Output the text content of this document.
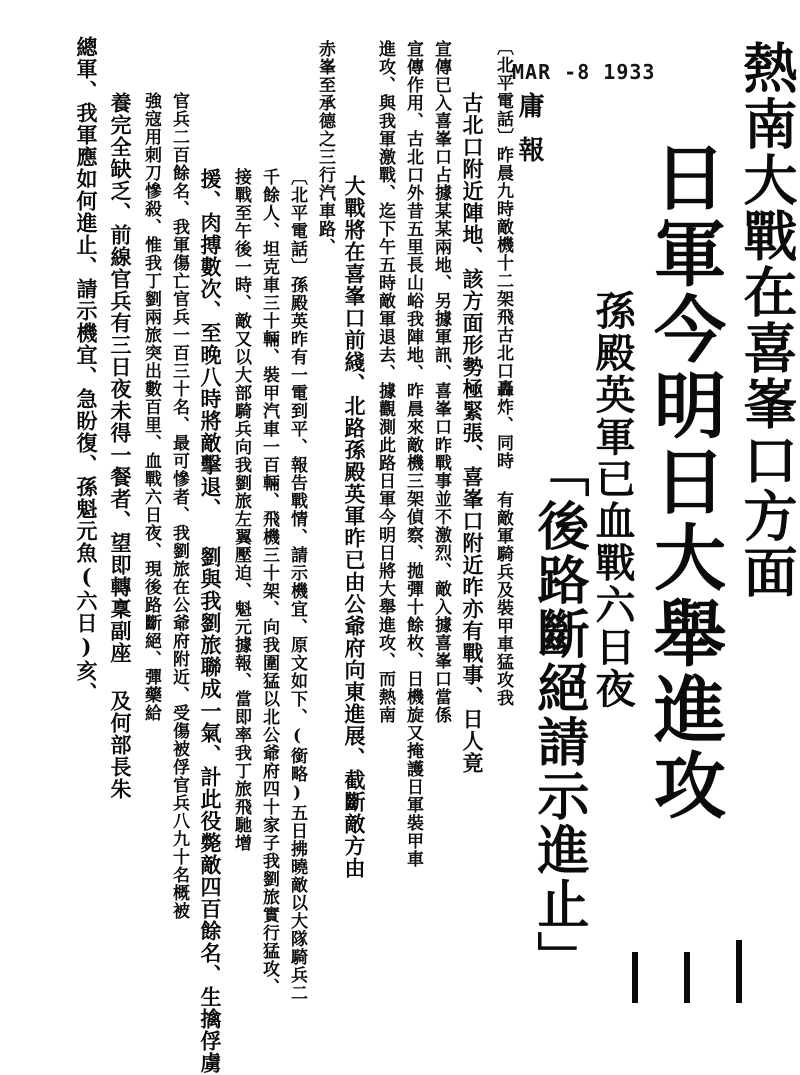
熱南大戰在喜峯口方面
日軍今明日大舉進攻
孫殿英軍已血戰六日夜
「後路斷絕請示進止」
MAR -8 1933
庸報
〔北平電話〕昨晨九時敵機十二架飛古北口轟炸、同時 有敵軍騎兵及裝甲車猛攻我
古北口附近陣地、該方面形勢極緊張、喜峯口附近昨亦有戰事、日人竟
宣傳已入喜峯口占據某某兩地、另據軍訊、喜峯口昨戰事並不激烈、敵入據喜峯口當係
宣傳作用、古北口外昔五里長山峪我陣地、昨晨來敵機三架偵察、拋彈十餘枚、日機旋又掩護日軍裝甲車
進攻、與我軍激戰、迄下午五時敵軍退去、據觀測此路日軍今明日將大舉進攻、而熱南
大戰將在喜峯口前綫、北路孫殿英軍昨已由公爺府向東進展、截斷敵方由
赤峯至承德之三行汽車路、
〔北平電話〕孫殿英昨有一電到平、報告戰情、請示機宜、原文如下、(銜略)五日拂曉敵以大隊騎兵二
千餘人、坦克車三十輛、裝甲汽車一百輛、飛機三十架、向我圍猛以北公爺府四十家子我劉旅實行猛攻、
接戰至午後一時、敵又以大部騎兵向我劉旅左翼壓迫、魁元據報、當即率我丁旅飛馳增
援、肉搏數次、至晚八時將敵擊退、 劉與我劉旅聯成一氣、計此役斃敵四百餘名、生擒俘虜
官兵二百餘名、我軍傷亡官兵一百三十名、最可慘者、我劉旅在公爺府附近、受傷被俘官兵八九十名概被
強寇用刺刀慘殺、惟我丁劉兩旅突出數百里、血戰六日夜、現後路斷絕、彈藥給
養完全缺乏、前線官兵有三日夜未得一餐者、望即轉稟副座 及何部長朱
總軍、我軍應如何進止、請示機宜、急盼復、孫魁元魚(六日)亥、
